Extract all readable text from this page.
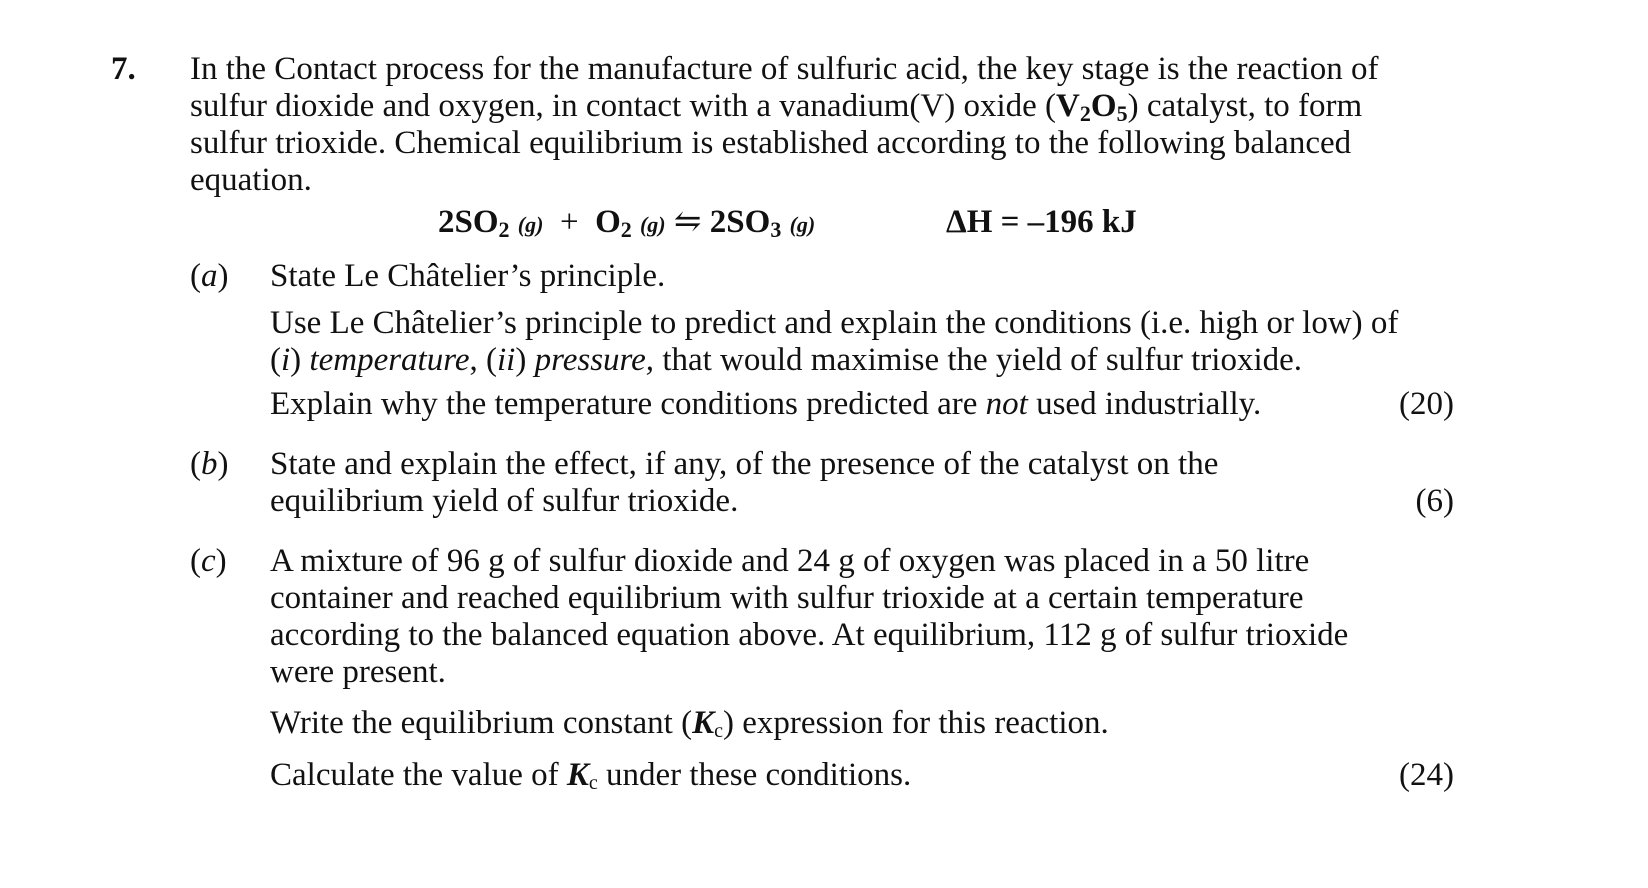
7. In the Contact process for the manufacture of sulfuric acid, the key stage is the reaction of
sulfur dioxide and oxygen, in contact with a vanadium(V) oxide $(V_2O_5)$ catalyst, to form
sulfur trioxide. Chemical equilibrium is established according to the following balanced
equation.
$2SO_2$ $(g) + O_2$ (g) ⇋ $2SO_3$ (g)	ΔH = –196 kJ
(a) State Le Châtelier’s principle.
Use Le Châtelier’s principle to predict and explain the conditions (i.e. high or low) of
(i) temperature, (ii) pressure, that would maximise the yield of sulfur trioxide.
Explain why the temperature conditions predicted are not used industrially.	(20)
(b) State and explain the effect, if any, of the presence of the catalyst on the
equilibrium yield of sulfur trioxide.	(6)
(c) A mixture of 96 g of sulfur dioxide and 24 g of oxygen was placed in a 50 litre
container and reached equilibrium with sulfur trioxide at a certain temperature
according to the balanced equation above. At equilibrium, 112 g of sulfur trioxide
were present.
Write the equilibrium constant $(K_c)$ expression for this reaction.
Calculate the value of $K_c$ under these conditions.	(24)
